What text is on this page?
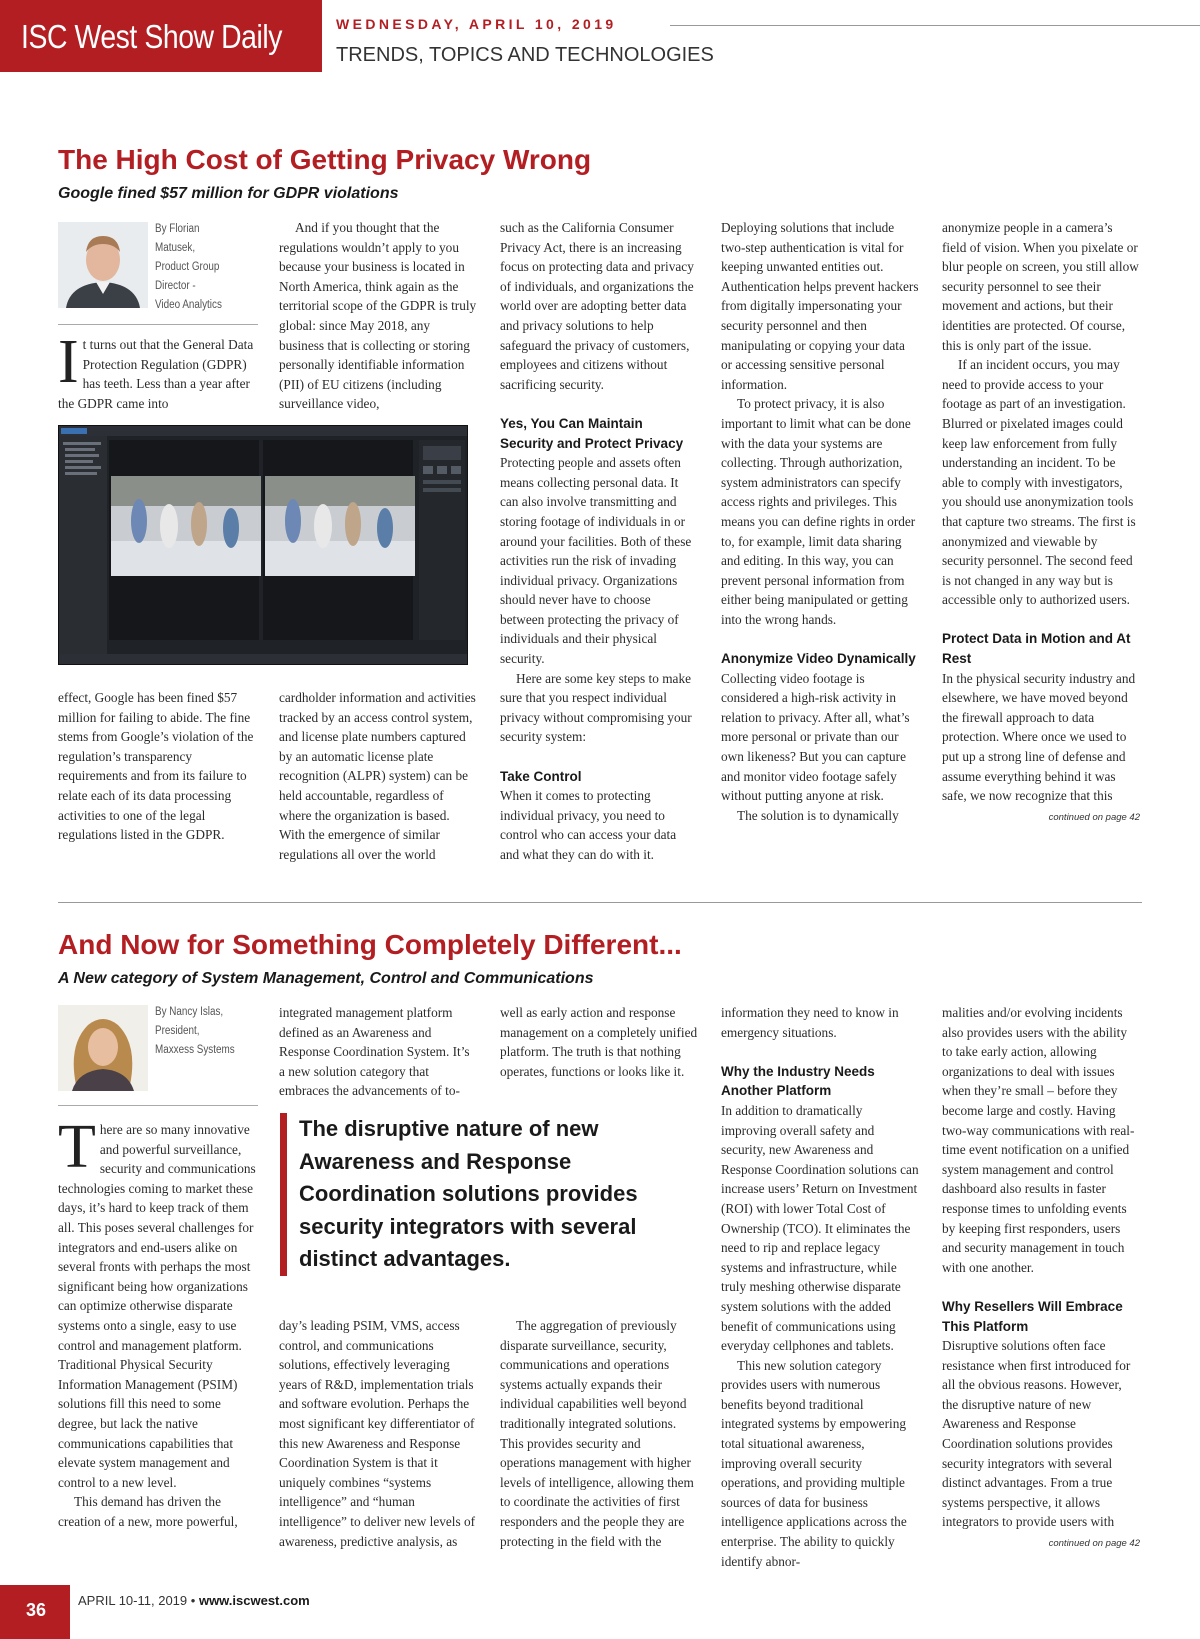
ISC West Show Daily	WEDNESDAY, APRIL 10, 2019
TRENDS, TOPICS AND TECHNOLOGIES
The High Cost of Getting Privacy Wrong
Google fined $57 million for GDPR violations
By Florian Matusek,
Product Group Director -
Video Analytics

It turns out that the General Data Protection Regulation (GDPR) has teeth. Less than a year after the GDPR came into

effect, Google has been fined $57 million for failing to abide. The fine stems from Google’s violation of the regulation’s transparency requirements and from its failure to relate each of its data processing activities to one of the legal regulations listed in the GDPR.

And if you thought that the regulations wouldn’t apply to you because your business is located in North America, think again as the territorial scope of the GDPR is truly global: since May 2018, any business that is collecting or storing personally identifiable information (PII) of EU citizens (including surveillance video,

cardholder information and activities tracked by an access control system, and license plate numbers captured by an automatic license plate recognition (ALPR) system) can be held accountable, regardless of where the organization is based. With the emergence of similar regulations all over the world

such as the California Consumer Privacy Act, there is an increasing focus on protecting data and privacy of individuals, and organizations the world over are adopting better data and privacy solutions to help safeguard the privacy of customers, employees and citizens without sacrificing security.

Yes, You Can Maintain Security and Protect Privacy

Protecting people and assets often means collecting personal data. It can also involve transmitting and storing footage of individuals in or around your facilities. Both of these activities run the risk of invading individual privacy. Organizations should never have to choose between protecting the privacy of individuals and their physical security.

Here are some key steps to make sure that you respect individual privacy without compromising your security system:

Take Control

When it comes to protecting individual privacy, you need to control who can access your data and what they can do with it.

Deploying solutions that include two-step authentication is vital for keeping unwanted entities out. Authentication helps prevent hackers from digitally impersonating your security personnel and then manipulating or copying your data or accessing sensitive personal information.

To protect privacy, it is also important to limit what can be done with the data your systems are collecting. Through authorization, system administrators can specify access rights and privileges. This means you can define rights in order to, for example, limit data sharing and editing. In this way, you can prevent personal information from either being manipulated or getting into the wrong hands.

Anonymize Video Dynamically

Collecting video footage is considered a high-risk activity in relation to privacy. After all, what’s more personal or private than our own likeness? But you can capture and monitor video footage safely without putting anyone at risk.

The solution is to dynamically

anonymize people in a camera’s field of vision. When you pixelate or blur people on screen, you still allow security personnel to see their movement and actions, but their identities are protected. Of course, this is only part of the issue.

If an incident occurs, you may need to provide access to your footage as part of an investigation. Blurred or pixelated images could keep law enforcement from fully understanding an incident. To be able to comply with investigators, you should use anonymization tools that capture two streams. The first is anonymized and viewable by security personnel. The second feed is not changed in any way but is accessible only to authorized users.

Protect Data in Motion and At Rest

In the physical security industry and elsewhere, we have moved beyond the firewall approach to data protection. Where once we used to put up a strong line of defense and assume everything behind it was safe, we now recognize that this

continued on page 42
And Now for Something Completely Different...
A New category of System Management, Control and Communications
By Nancy Islas, President,
Maxxess Systems

There are so many innovative and powerful surveillance, security and communications technologies coming to market these days, it’s hard to keep track of them all. This poses several challenges for integrators and end-users alike on several fronts with perhaps the most significant being how organizations can optimize otherwise disparate systems onto a single, easy to use control and management platform. Traditional Physical Security Information Management (PSIM) solutions fill this need to some degree, but lack the native communications capabilities that elevate system management and control to a new level.

This demand has driven the creation of a new, more powerful,

integrated management platform defined as an Awareness and Response Coordination System. It’s a new solution category that embraces the advancements of to-

The disruptive nature of new Awareness and Response Coordination solutions provides security integrators with several distinct advantages.

day’s leading PSIM, VMS, access control, and communications solutions, effectively leveraging years of R&D, implementation trials and software evolution. Perhaps the most significant key differentiator of this new Awareness and Response Coordination System is that it uniquely combines “systems intelligence” and “human intelligence” to deliver new levels of awareness, predictive analysis, as

well as early action and response management on a completely unified platform. The truth is that nothing operates, functions or looks like it.

The aggregation of previously disparate surveillance, security, communications and operations systems actually expands their individual capabilities well beyond traditionally integrated solutions. This provides security and operations management with higher levels of intelligence, allowing them to coordinate the activities of first responders and the people they are protecting in the field with the

information they need to know in emergency situations.

Why the Industry Needs Another Platform

In addition to dramatically improving overall safety and security, new Awareness and Response Coordination solutions can increase users’ Return on Investment (ROI) with lower Total Cost of Ownership (TCO). It eliminates the need to rip and replace legacy systems and infrastructure, while truly meshing otherwise disparate system solutions with the added benefit of communications using everyday cellphones and tablets.

This new solution category provides users with numerous benefits beyond traditional integrated systems by empowering total situational awareness, improving overall security operations, and providing multiple sources of data for business intelligence applications across the enterprise. The ability to quickly identify abnor-

malities and/or evolving incidents also provides users with the ability to take early action, allowing organizations to deal with issues when they’re small – before they become large and costly. Having two-way communications with real-time event notification on a unified system management and control dashboard also results in faster response times to unfolding events by keeping first responders, users and security management in touch with one another.

Why Resellers Will Embrace This Platform

Disruptive solutions often face resistance when first introduced for all the obvious reasons. However, the disruptive nature of new Awareness and Response Coordination solutions provides security integrators with several distinct advantages. From a true systems perspective, it allows integrators to provide users with

continued on page 42
36	APRIL 10-11, 2019 • www.iscwest.com
